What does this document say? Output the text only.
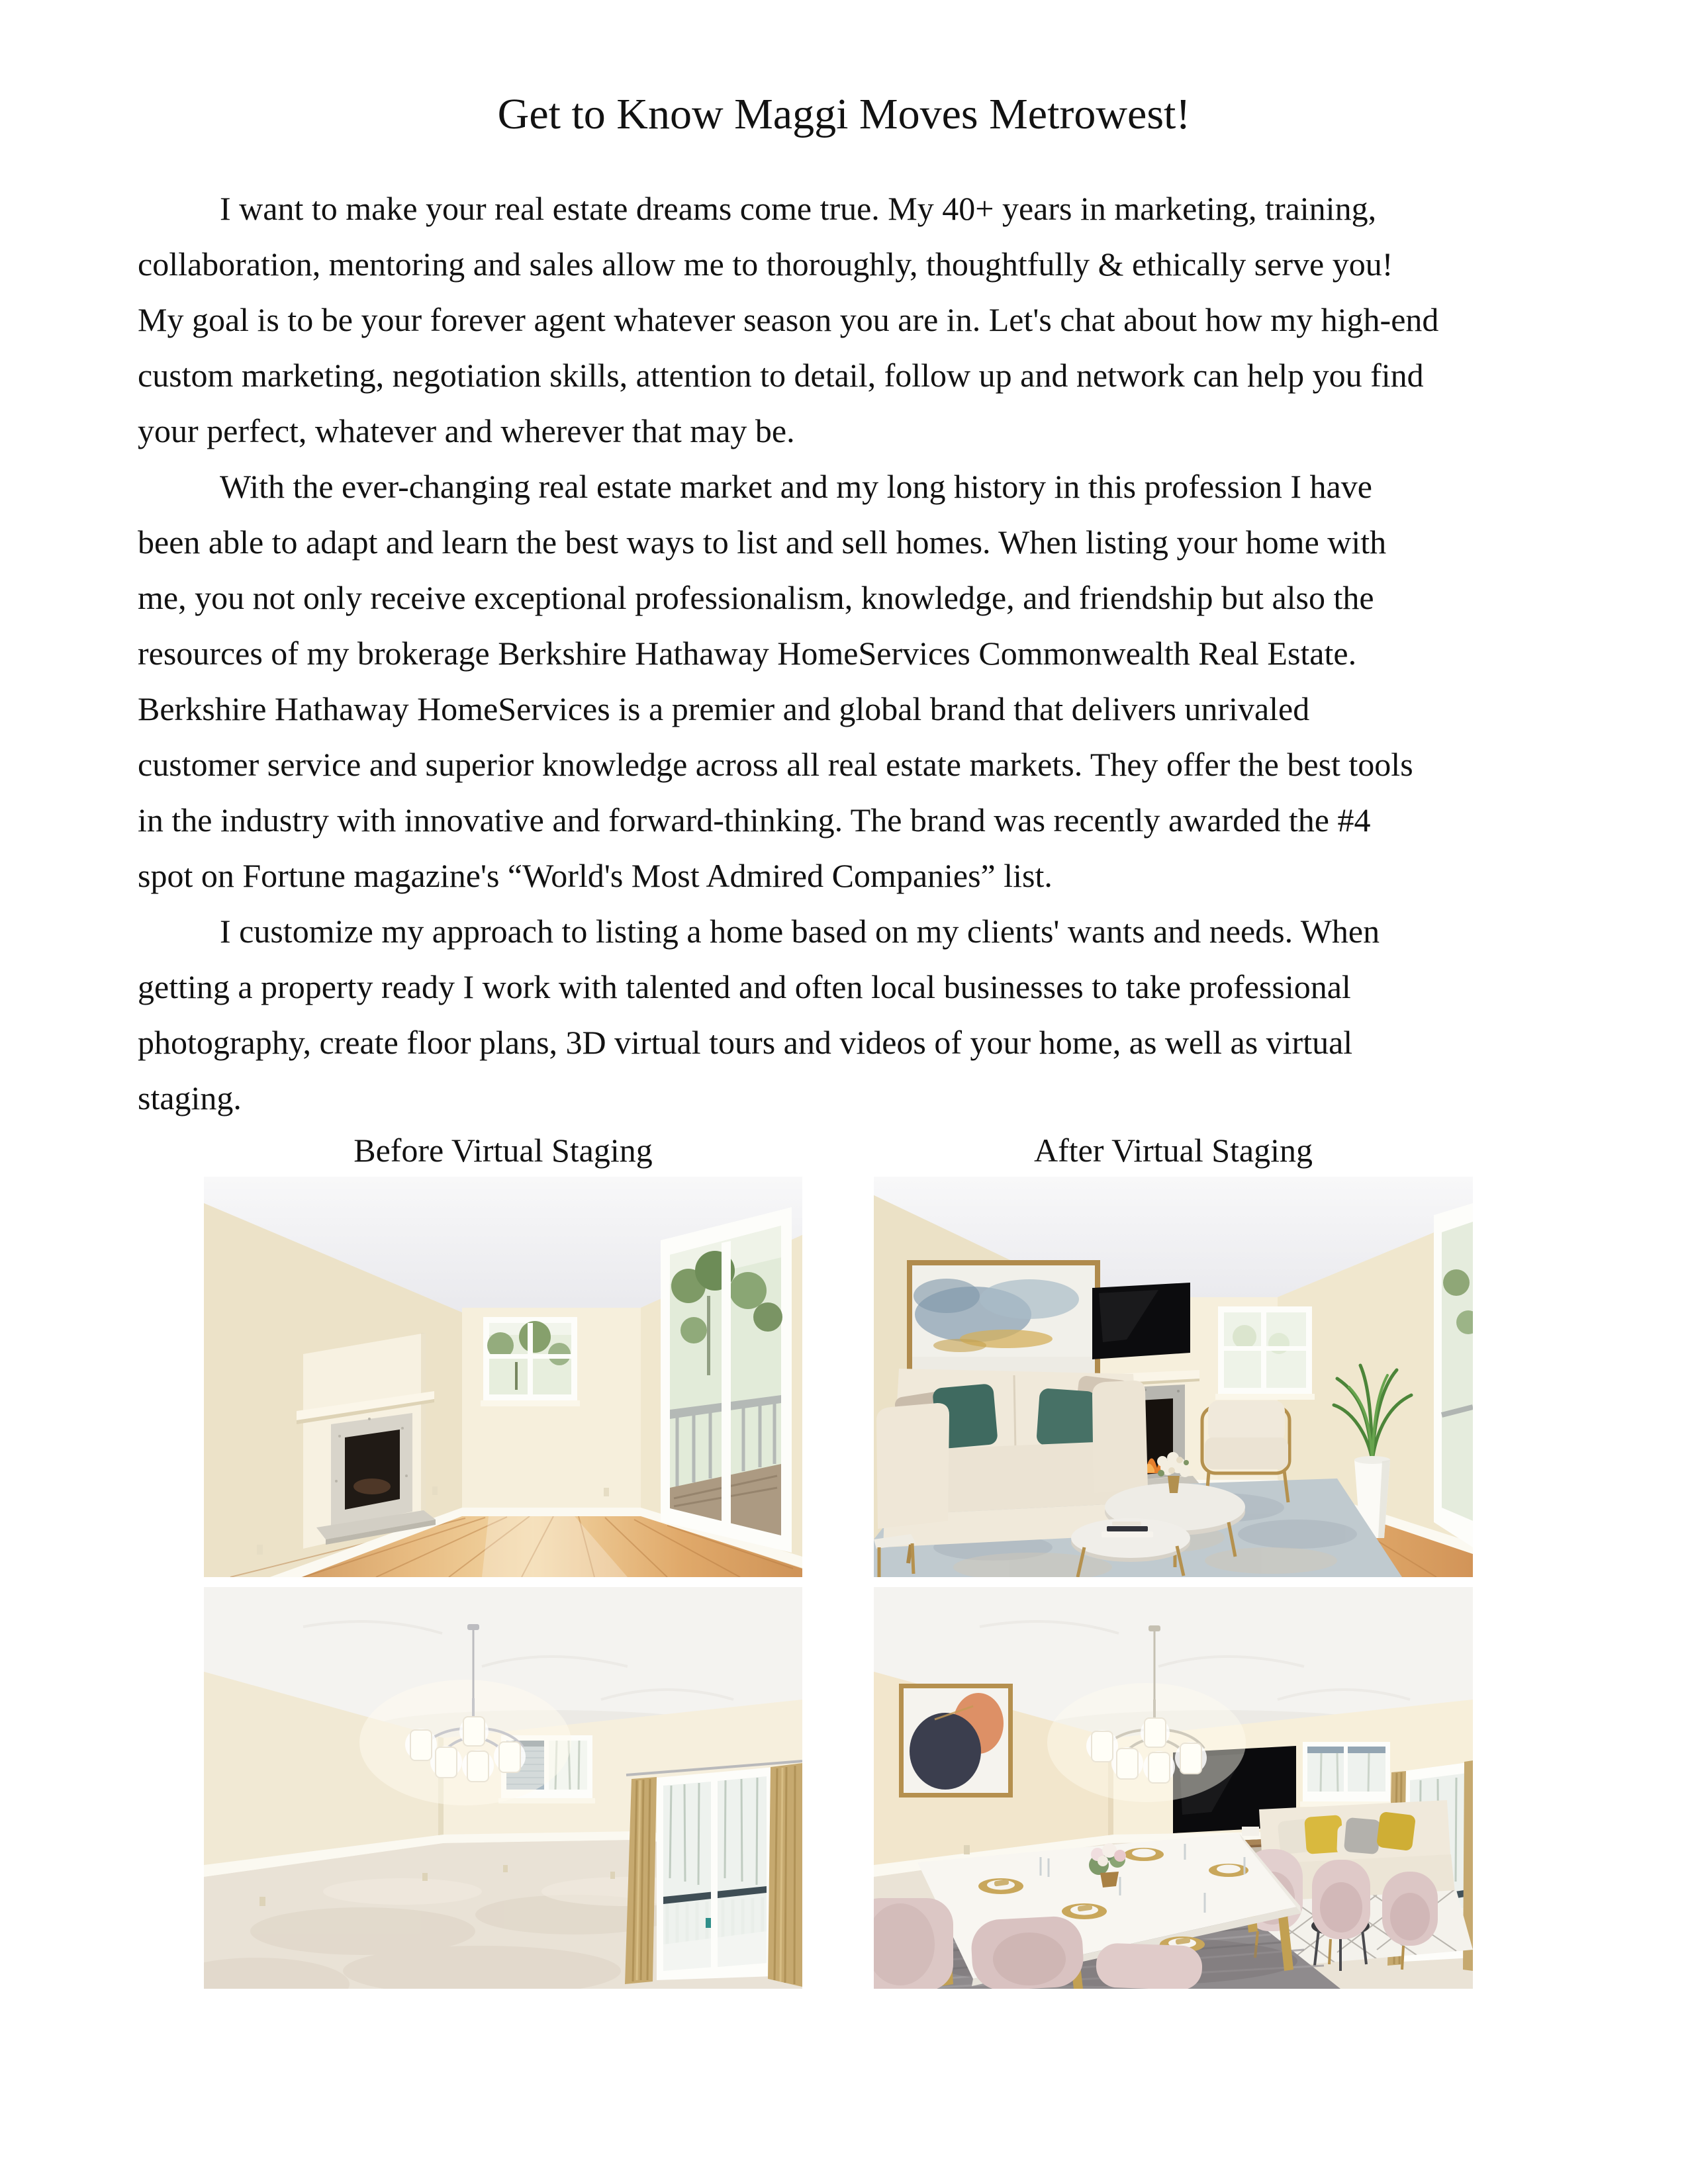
Get to Know Maggi Moves Metrowest!
I want to make your real estate dreams come true. My 40+ years in marketing, training,
collaboration, mentoring and sales allow me to thoroughly, thoughtfully & ethically serve you!
My goal is to be your forever agent whatever season you are in. Let's chat about how my high-end
custom marketing, negotiation skills, attention to detail, follow up and network can help you find
your perfect, whatever and wherever that may be.
With the ever-changing real estate market and my long history in this profession I have
been able to adapt and learn the best ways to list and sell homes. When listing your home with
me, you not only receive exceptional professionalism, knowledge, and friendship but also the
resources of my brokerage Berkshire Hathaway HomeServices Commonwealth Real Estate.
Berkshire Hathaway HomeServices is a premier and global brand that delivers unrivaled
customer service and superior knowledge across all real estate markets. They offer the best tools
in the industry with innovative and forward-thinking. The brand was recently awarded the #4
spot on Fortune magazine's “World's Most Admired Companies” list.
I customize my approach to listing a home based on my clients' wants and needs. When
getting a property ready I work with talented and often local businesses to take professional
photography, create floor plans, 3D virtual tours and videos of your home, as well as virtual
staging.
Before Virtual Staging	After Virtual Staging
